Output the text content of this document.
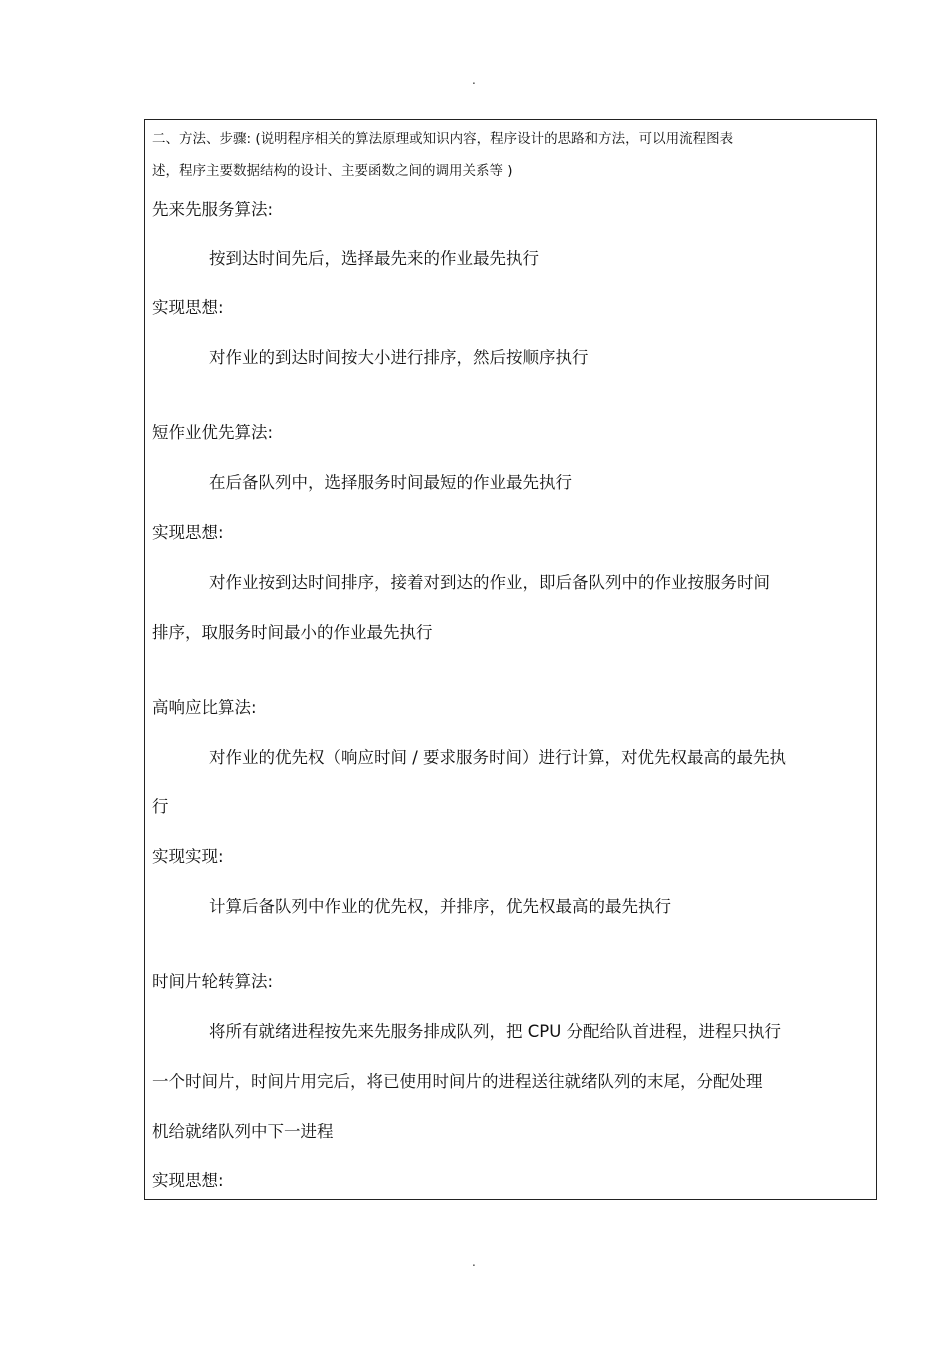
.
二、方法、步骤: (说明程序相关的算法原理或知识内容，程序设计的思路和方法，可以用流程图表
述，程序主要数据结构的设计、主要函数之间的调用关系等 )
先来先服务算法:
按到达时间先后，选择最先来的作业最先执行
实现思想:
对作业的到达时间按大小进行排序，然后按顺序执行
短作业优先算法:
在后备队列中，选择服务时间最短的作业最先执行
实现思想:
对作业按到达时间排序，接着对到达的作业，即后备队列中的作业按服务时间
排序，取服务时间最小的作业最先执行
高响应比算法:
对作业的优先权（响应时间 / 要求服务时间）进行计算，对优先权最高的最先执
行
实现实现:
计算后备队列中作业的优先权，并排序，优先权最高的最先执行
时间片轮转算法:
将所有就绪进程按先来先服务排成队列，把 CPU 分配给队首进程，进程只执行
一个时间片，时间片用完后，将已使用时间片的进程送往就绪队列的末尾，分配处理
机给就绪队列中下一进程
实现思想:
.
